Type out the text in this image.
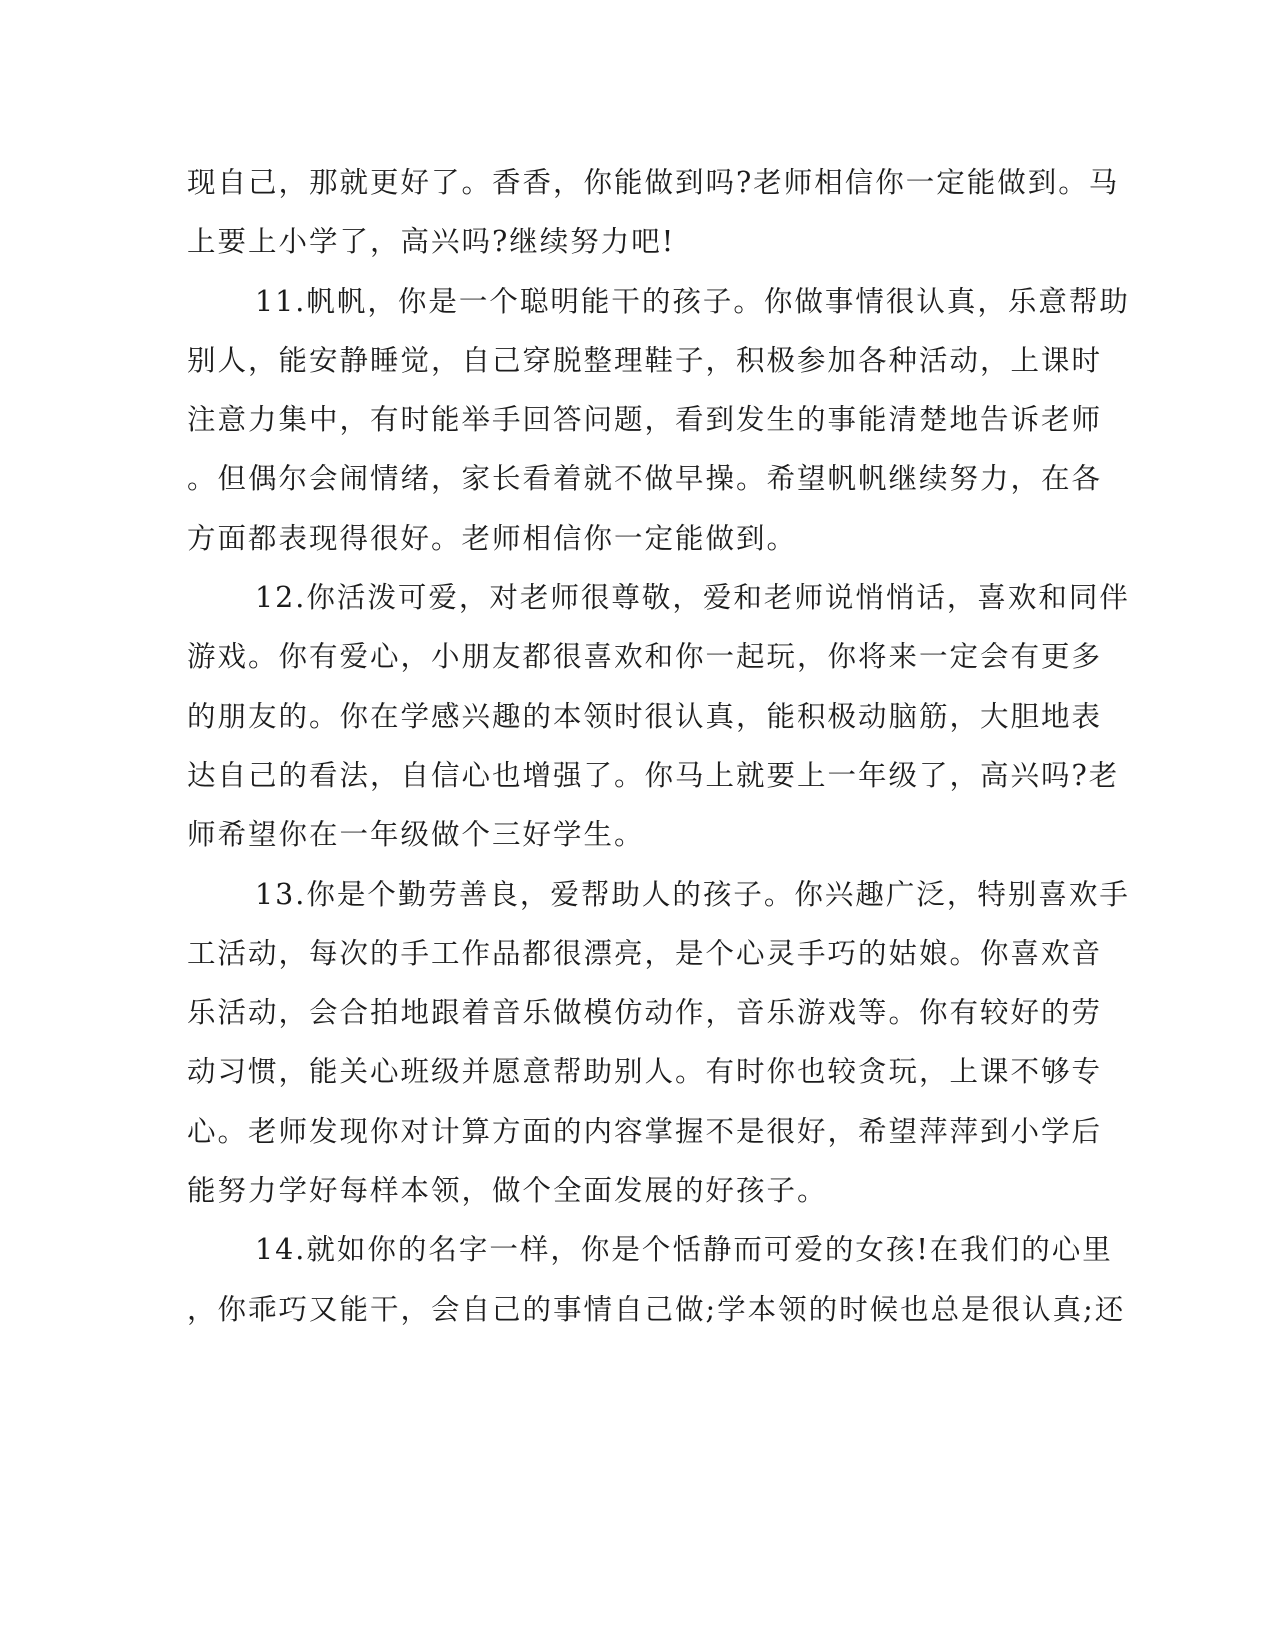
现自己，那就更好了。香香，你能做到吗?老师相信你一定能做到。马
上要上小学了，高兴吗?继续努力吧!
11.帆帆，你是一个聪明能干的孩子。你做事情很认真，乐意帮助
别人，能安静睡觉，自己穿脱整理鞋子，积极参加各种活动，上课时
注意力集中，有时能举手回答问题，看到发生的事能清楚地告诉老师
。但偶尔会闹情绪，家长看着就不做早操。希望帆帆继续努力，在各
方面都表现得很好。老师相信你一定能做到。
12.你活泼可爱，对老师很尊敬，爱和老师说悄悄话，喜欢和同伴
游戏。你有爱心，小朋友都很喜欢和你一起玩，你将来一定会有更多
的朋友的。你在学感兴趣的本领时很认真，能积极动脑筋，大胆地表
达自己的看法，自信心也增强了。你马上就要上一年级了，高兴吗?老
师希望你在一年级做个三好学生。
13.你是个勤劳善良，爱帮助人的孩子。你兴趣广泛，特别喜欢手
工活动，每次的手工作品都很漂亮，是个心灵手巧的姑娘。你喜欢音
乐活动，会合拍地跟着音乐做模仿动作，音乐游戏等。你有较好的劳
动习惯，能关心班级并愿意帮助别人。有时你也较贪玩，上课不够专
心。老师发现你对计算方面的内容掌握不是很好，希望萍萍到小学后
能努力学好每样本领，做个全面发展的好孩子。
14.就如你的名字一样，你是个恬静而可爱的女孩!在我们的心里
，你乖巧又能干，会自己的事情自己做;学本领的时候也总是很认真;还
